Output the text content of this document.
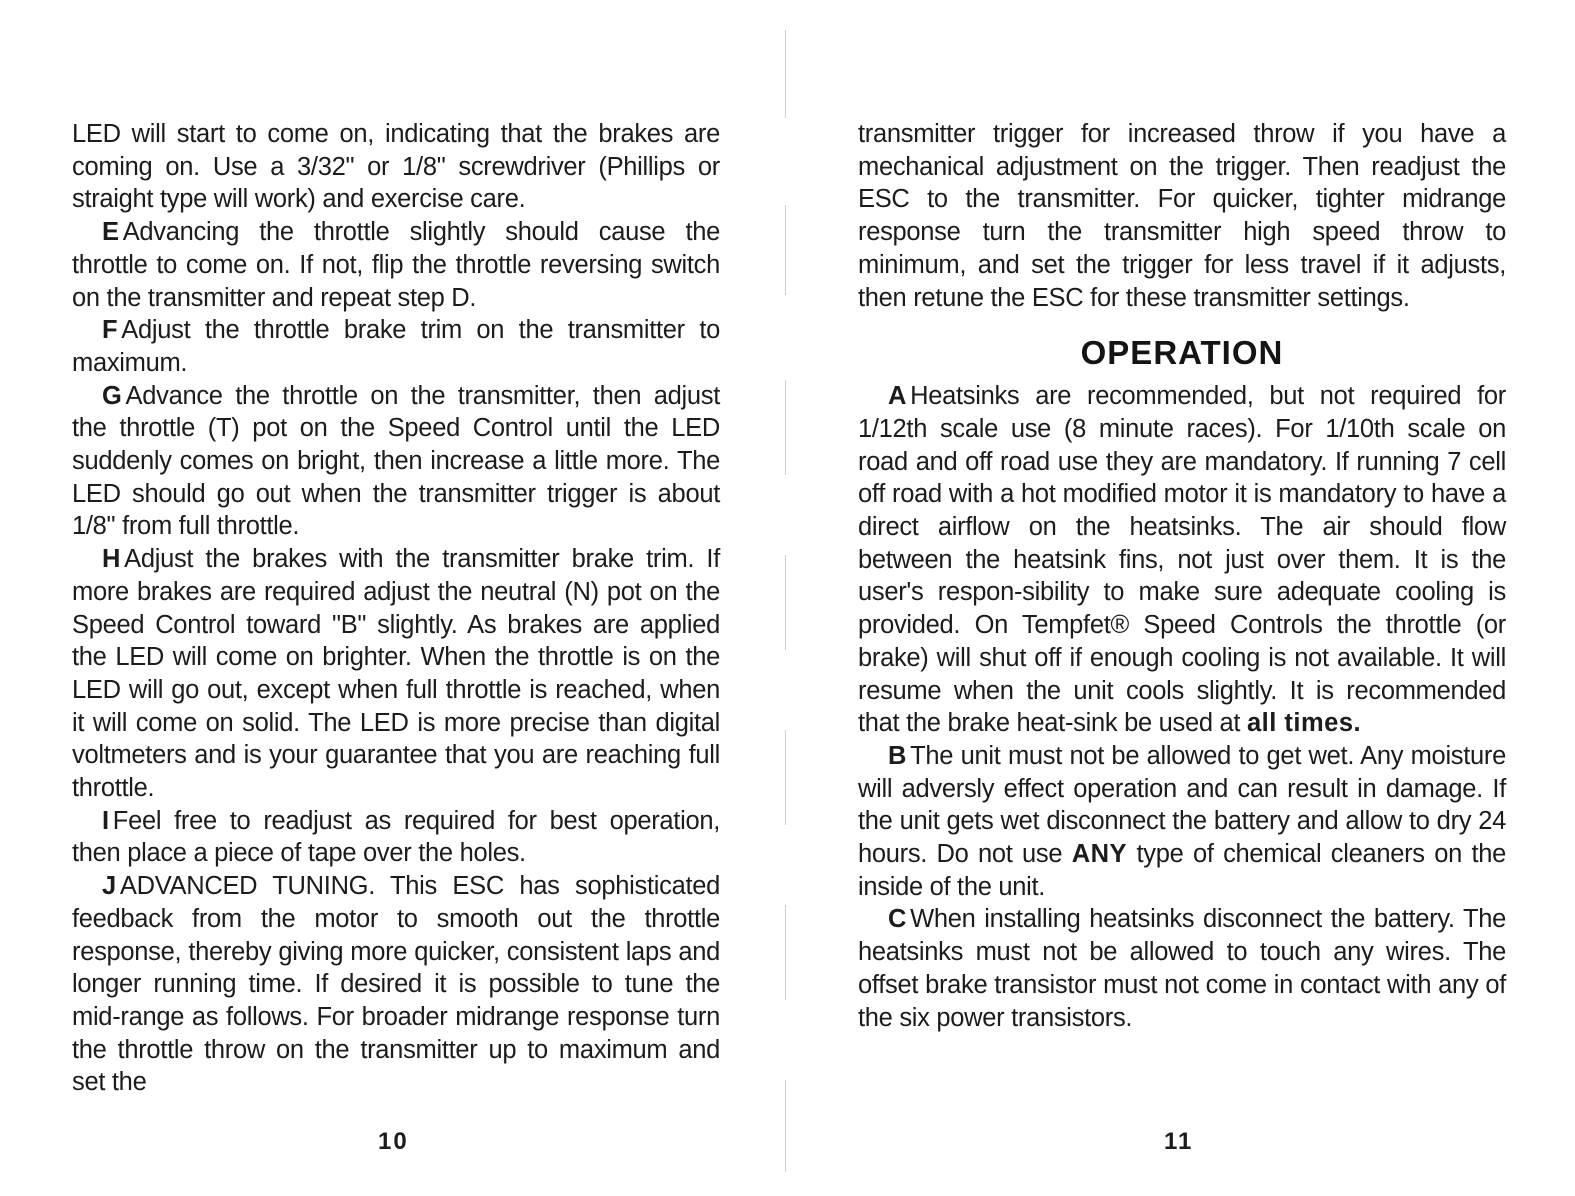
LED will start to come on, indicating that the brakes are coming on. Use a 3/32" or 1/8" screwdriver (Phillips or straight type will work) and exercise care.

E Advancing the throttle slightly should cause the throttle to come on. If not, flip the throttle reversing switch on the transmitter and repeat step D.

F Adjust the throttle brake trim on the transmitter to maximum.

G Advance the throttle on the transmitter, then adjust the throttle (T) pot on the Speed Control until the LED suddenly comes on bright, then increase a little more. The LED should go out when the transmitter trigger is about 1/8" from full throttle.

H Adjust the brakes with the transmitter brake trim. If more brakes are required adjust the neutral (N) pot on the Speed Control toward "B" slightly. As brakes are applied the LED will come on brighter. When the throttle is on the LED will go out, except when full throttle is reached, when it will come on solid. The LED is more precise than digital voltmeters and is your guarantee that you are reaching full throttle.

I Feel free to readjust as required for best operation, then place a piece of tape over the holes.

J ADVANCED TUNING. This ESC has sophisticated feedback from the motor to smooth out the throttle response, thereby giving more quicker, consistent laps and longer running time. If desired it is possible to tune the mid-range as follows. For broader midrange response turn the throttle throw on the transmitter up to maximum and set the

10

transmitter trigger for increased throw if you have a mechanical adjustment on the trigger. Then readjust the ESC to the transmitter. For quicker, tighter midrange response turn the transmitter high speed throw to minimum, and set the trigger for less travel if it adjusts, then retune the ESC for these transmitter settings.

OPERATION

A Heatsinks are recommended, but not required for 1/12th scale use (8 minute races). For 1/10th scale on road and off road use they are mandatory. If running 7 cell off road with a hot modified motor it is mandatory to have a direct airflow on the heatsinks. The air should flow between the heatsink fins, not just over them. It is the user's respon-sibility to make sure adequate cooling is provided. On Tempfet® Speed Controls the throttle (or brake) will shut off if enough cooling is not available. It will resume when the unit cools slightly. It is recommended that the brake heat-sink be used at all times.

B The unit must not be allowed to get wet. Any moisture will adversly effect operation and can result in damage. If the unit gets wet disconnect the battery and allow to dry 24 hours. Do not use ANY type of chemical cleaners on the inside of the unit.

C When installing heatsinks disconnect the battery. The heatsinks must not be allowed to touch any wires. The offset brake transistor must not come in contact with any of the six power transistors.

11
